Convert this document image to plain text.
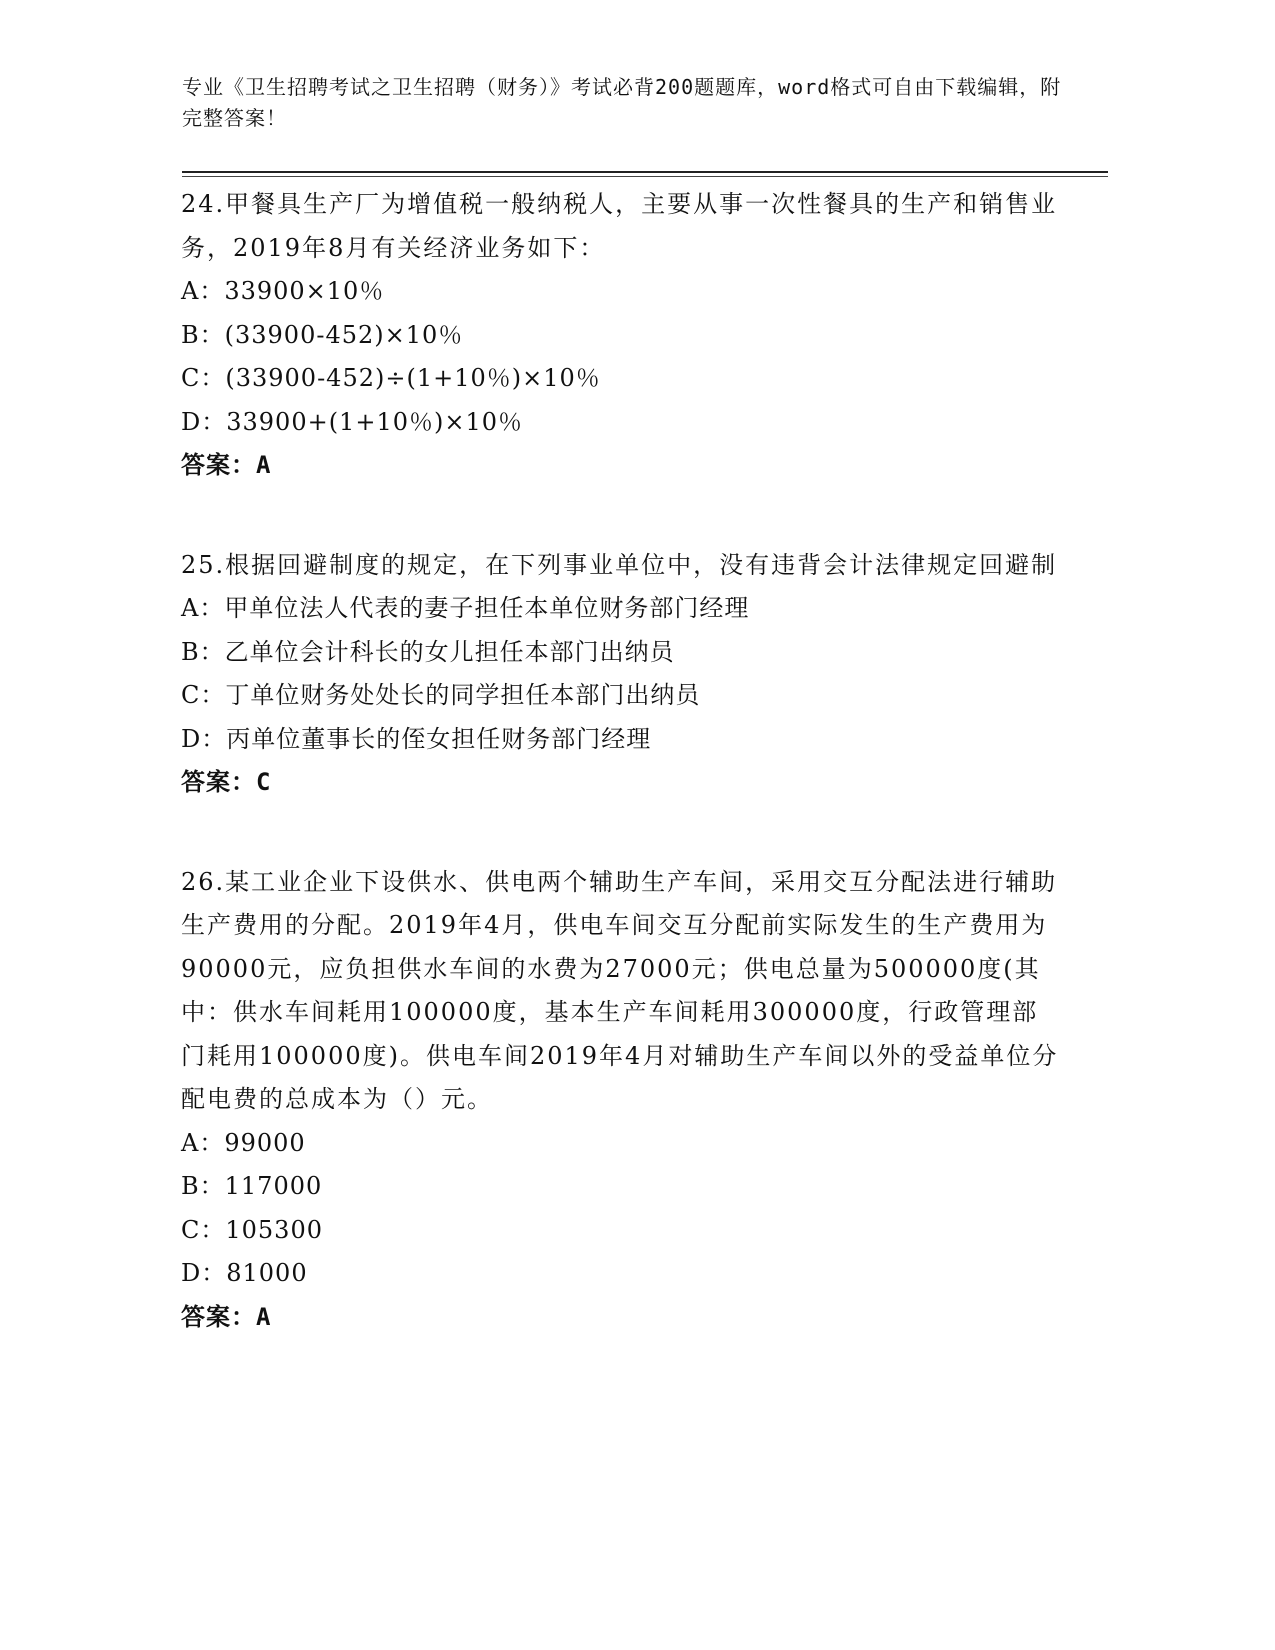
专业《卫生招聘考试之卫生招聘（财务）》考试必背200题题库，word格式可自由下载编辑，附完整答案！
24.甲餐具生产厂为增值税一般纳税人，主要从事一次性餐具的生产和销售业务，2019年8月有关经济业务如下：
A：33900×10％
B：(33900-452)×10％
C：(33900-452)÷(1+10％)×10％
D：33900+(1+10％)×10％
答案：A
25.根据回避制度的规定，在下列事业单位中，没有违背会计法律规定回避制
A：甲单位法人代表的妻子担任本单位财务部门经理
B：乙单位会计科长的女儿担任本部门出纳员
C：丁单位财务处处长的同学担任本部门出纳员
D：丙单位董事长的侄女担任财务部门经理
答案：C
26.某工业企业下设供水、供电两个辅助生产车间，采用交互分配法进行辅助生产费用的分配。2019年4月，供电车间交互分配前实际发生的生产费用为90000元，应负担供水车间的水费为27000元；供电总量为500000度(其中：供水车间耗用100000度，基本生产车间耗用300000度，行政管理部门耗用100000度)。供电车间2019年4月对辅助生产车间以外的受益单位分配电费的总成本为（）元。
A：99000
B：117000
C：105300
D：81000
答案：A
